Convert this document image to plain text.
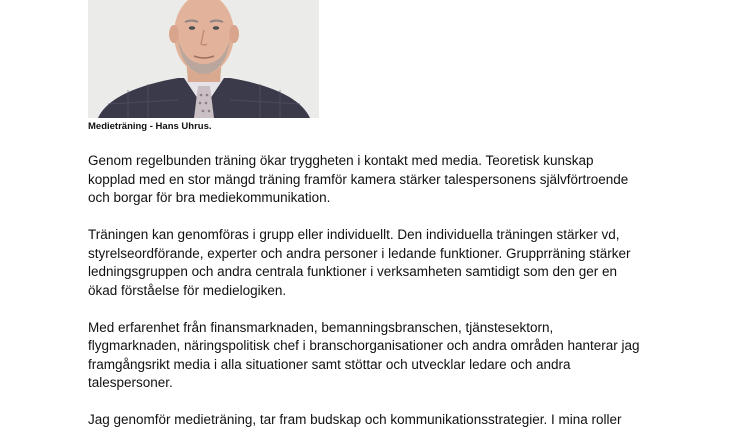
Medieträning - Hans Uhrus.

Genom regelbunden träning ökar tryggheten i kontakt med media. Teoretisk kunskap
kopplad med en stor mängd träning framför kamera stärker talespersonens självförtroende
och borgar för bra mediekommunikation.

Träningen kan genomföras i grupp eller individuellt. Den individuella träningen stärker vd,
styrelseordförande, experter och andra personer i ledande funktioner. Grupprräning stärker
ledningsgruppen och andra centrala funktioner i verksamheten samtidigt som den ger en
ökad förståelse för medielogiken.

Med erfarenhet från finansmarknaden, bemanningsbranschen, tjänstesektorn,
flygmarknaden, näringspolitisk chef i branschorganisationer och andra områden hanterar jag
framgångsrikt media i alla situationer samt stöttar och utvecklar ledare och andra
talespersoner.

Jag genomför medieträning, tar fram budskap och kommunikationsstrategier. I mina roller
